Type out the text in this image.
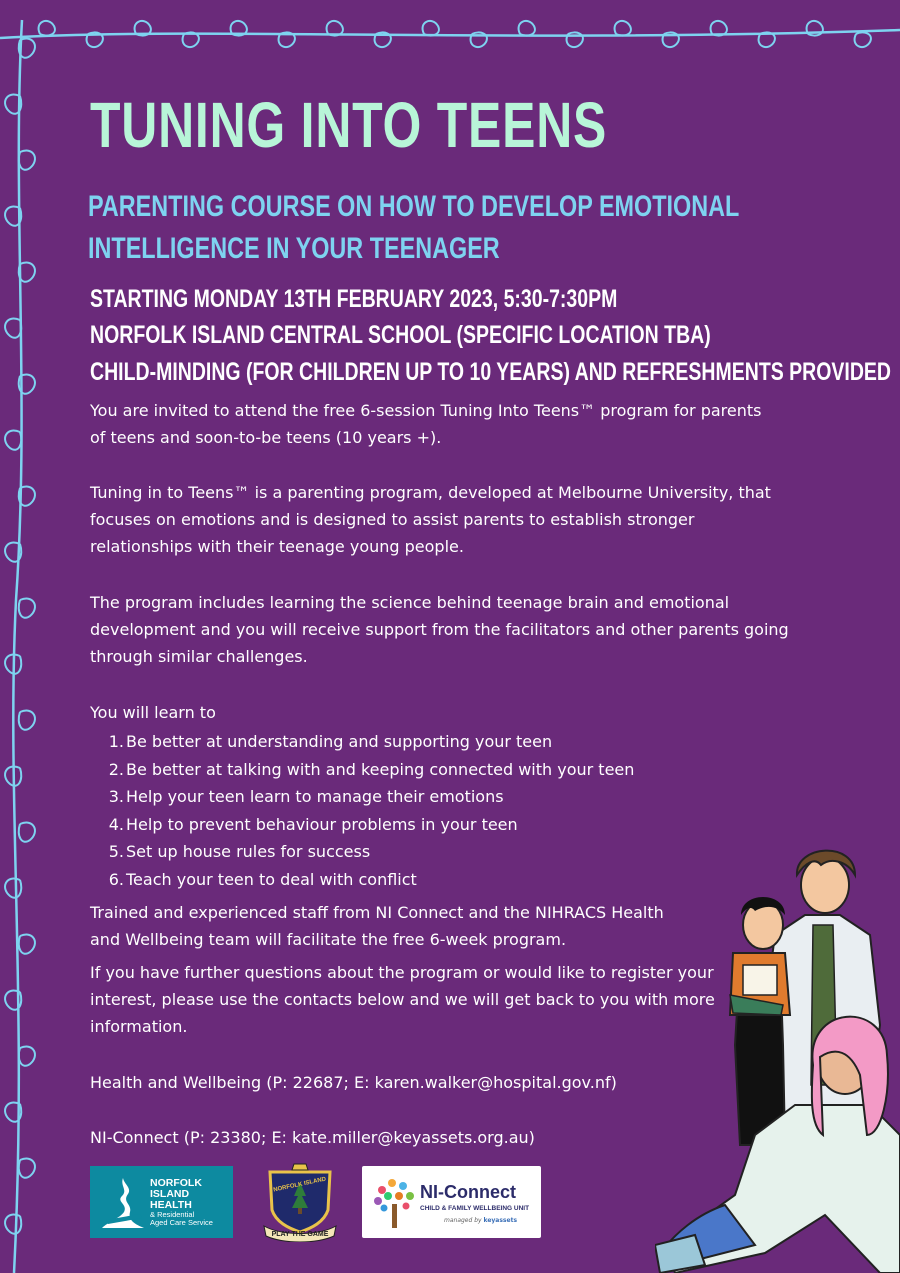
TUNING INTO TEENS
PARENTING COURSE ON HOW TO DEVELOP EMOTIONAL
INTELLIGENCE IN YOUR TEENAGER
STARTING MONDAY 13TH FEBRUARY 2023, 5:30-7:30PM
NORFOLK ISLAND CENTRAL SCHOOL (SPECIFIC LOCATION TBA)
CHILD-MINDING (FOR CHILDREN UP TO 10 YEARS) AND REFRESHMENTS PROVIDED

You are invited to attend the free 6-session Tuning Into Teens™ program for parents of teens and soon-to-be teens (10 years +).

Tuning in to Teens™ is a parenting program, developed at Melbourne University, that focuses on emotions and is designed to assist parents to establish stronger relationships with their teenage young people.

The program includes learning the science behind teenage brain and emotional development and you will receive support from the facilitators and other parents going through similar challenges.

You will learn to

1. Be better at understanding and supporting your teen
2. Be better at talking with and keeping connected with your teen
3. Help your teen learn to manage their emotions
4. Help to prevent behaviour problems in your teen
5. Set up house rules for success
6. Teach your teen to deal with conflict

Trained and experienced staff from NI Connect and the NIHRACS Health and Wellbeing team will facilitate the free 6-week program.

If you have further questions about the program or would like to register your interest, please use the contacts below and we will get back to you with more information.

Health and Wellbeing (P: 22687; E: karen.walker@hospital.gov.nf)

NI-Connect (P: 23380; E: kate.miller@keyassets.org.au)

NORFOLK
ISLAND
HEALTH
& Residential
Aged Care Service
NORFOLK ISLAND
PLAY THE GAME
NI-Connect
CHILD & FAMILY WELLBEING UNIT
managed by keyassets
